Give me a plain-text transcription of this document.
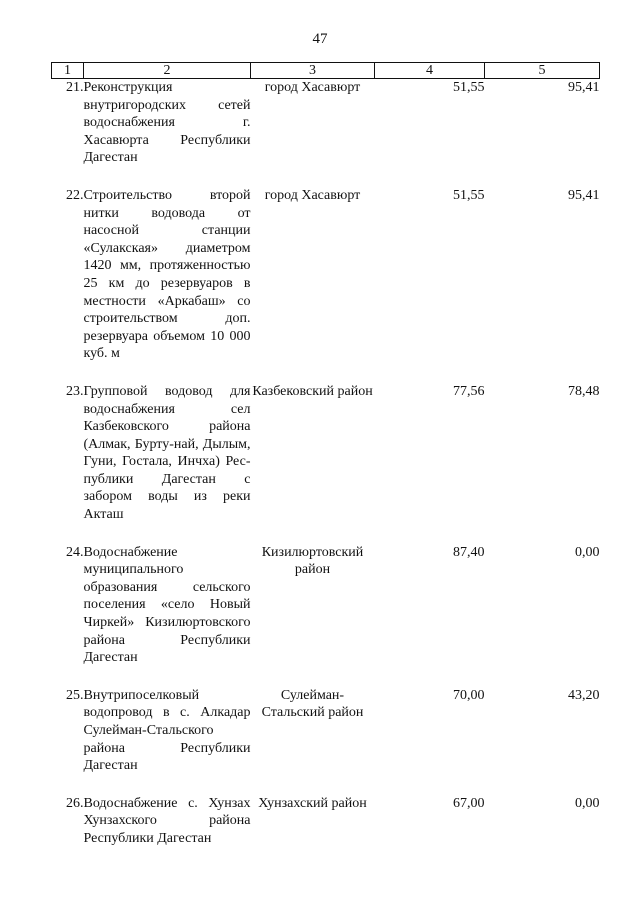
47
1	2	3	4	5
21.	Реконструкция внутригородских сетей водоснабжения г. Хасавюрта Республики Дагестан	город Хасавюрт	51,55	95,41
22.	Строительство второй нитки водовода от насосной станции «Сулакская» диаметром 1420 мм, протяженностью 25 км до резервуаров в местности «Аркабаш» со строительством доп. резервуара объемом 10 000 куб. м	город Хасавюрт	51,55	95,41
23.	Групповой водовод для водоснабжения сел Казбековского района (Алмак, Бурту-най, Дылым, Гуни, Гостала, Инчха) Рес-публики Дагестан с забором воды из реки Акташ	Казбековский район	77,56	78,48
24.	Водоснабжение муниципального образования сельского поселения «село Новый Чиркей» Кизилюртовского района Республики Дагестан	Кизилюртовский район	87,40	0,00
25.	Внутрипоселковый водопровод в с. Алкадар Сулейман-Стальского района Республики Дагестан	Сулейман-Стальский район	70,00	43,20
26.	Водоснабжение с. Хунзах Хунзахского района Республики Дагестан	Хунзахский район	67,00	0,00
